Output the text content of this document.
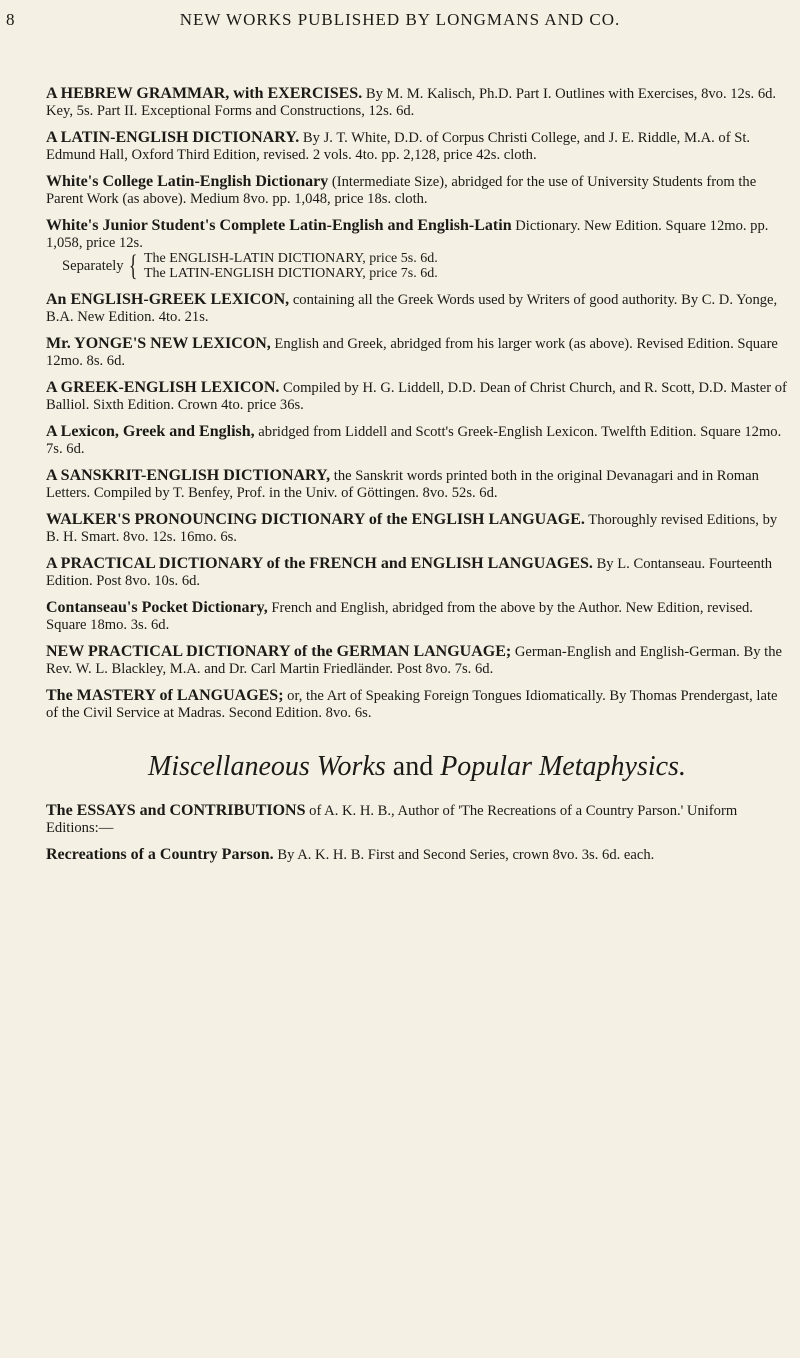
8	NEW WORKS PUBLISHED BY LONGMANS AND CO.
A HEBREW GRAMMAR, with EXERCISES. By M. M. Kalisch, Ph.D. Part I. Outlines with Exercises, 8vo. 12s. 6d. Key, 5s. Part II. Exceptional Forms and Constructions, 12s. 6d.
A LATIN-ENGLISH DICTIONARY. By J. T. White, D.D. of Corpus Christi College, and J. E. Riddle, M.A. of St. Edmund Hall, Oxford Third Edition, revised. 2 vols. 4to. pp. 2,128, price 42s. cloth.
White's College Latin-English Dictionary (Intermediate Size), abridged for the use of University Students from the Parent Work (as above). Medium 8vo. pp. 1,048, price 18s. cloth.
White's Junior Student's Complete Latin-English and English-Latin Dictionary. New Edition. Square 12mo. pp. 1,058, price 12s.
Separately { The ENGLISH-LATIN DICTIONARY, price 5s. 6d.
The LATIN-ENGLISH DICTIONARY, price 7s. 6d.
An ENGLISH-GREEK LEXICON, containing all the Greek Words used by Writers of good authority. By C. D. Yonge, B.A. New Edition. 4to. 21s.
Mr. YONGE'S NEW LEXICON, English and Greek, abridged from his larger work (as above). Revised Edition. Square 12mo. 8s. 6d.
A GREEK-ENGLISH LEXICON. Compiled by H. G. Liddell, D.D. Dean of Christ Church, and R. Scott, D.D. Master of Balliol. Sixth Edition. Crown 4to. price 36s.
A Lexicon, Greek and English, abridged from Liddell and Scott's Greek-English Lexicon. Twelfth Edition. Square 12mo. 7s. 6d.
A SANSKRIT-ENGLISH DICTIONARY, the Sanskrit words printed both in the original Devanagari and in Roman Letters. Compiled by T. Benfey, Prof. in the Univ. of Göttingen. 8vo. 52s. 6d.
WALKER'S PRONOUNCING DICTIONARY of the ENGLISH LANGUAGE. Thoroughly revised Editions, by B. H. Smart. 8vo. 12s. 16mo. 6s.
A PRACTICAL DICTIONARY of the FRENCH and ENGLISH LANGUAGES. By L. Contanseau. Fourteenth Edition. Post 8vo. 10s. 6d.
Contanseau's Pocket Dictionary, French and English, abridged from the above by the Author. New Edition, revised. Square 18mo. 3s. 6d.
NEW PRACTICAL DICTIONARY of the GERMAN LANGUAGE; German-English and English-German. By the Rev. W. L. Blackley, M.A. and Dr. Carl Martin Friedländer. Post 8vo. 7s. 6d.
The MASTERY of LANGUAGES; or, the Art of Speaking Foreign Tongues Idiomatically. By Thomas Prendergast, late of the Civil Service at Madras. Second Edition. 8vo. 6s.
Miscellaneous Works and Popular Metaphysics.
The ESSAYS and CONTRIBUTIONS of A. K. H. B., Author of 'The Recreations of a Country Parson.' Uniform Editions:—
Recreations of a Country Parson. By A. K. H. B. First and Second Series, crown 8vo. 3s. 6d. each.
